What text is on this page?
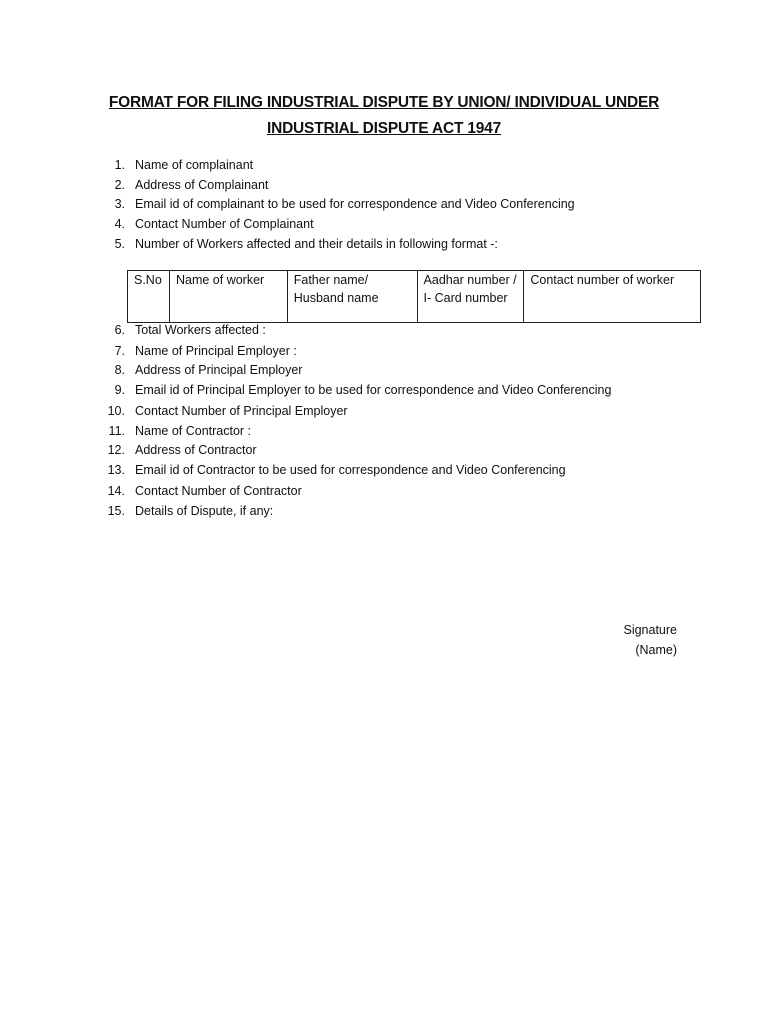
FORMAT FOR FILING INDUSTRIAL DISPUTE BY UNION/ INDIVIDUAL UNDER
INDUSTRIAL DISPUTE ACT 1947
1. Name of complainant
2. Address of Complainant
3. Email id of complainant to be used for correspondence and Video Conferencing
4. Contact Number of Complainant
5. Number of Workers affected and their details in following format -:
S.No	Name of worker	Father name/ Husband name	Aadhar number / I- Card number	Contact number of worker
6. Total Workers affected :
7. Name of Principal Employer :
8. Address of Principal Employer
9. Email id of Principal Employer to be used for correspondence and Video Conferencing
10. Contact Number of Principal Employer
11. Name of Contractor :
12. Address of Contractor
13. Email id of Contractor to be used for correspondence and Video Conferencing
14. Contact Number of Contractor
15. Details of Dispute, if any:
Signature
(Name)
